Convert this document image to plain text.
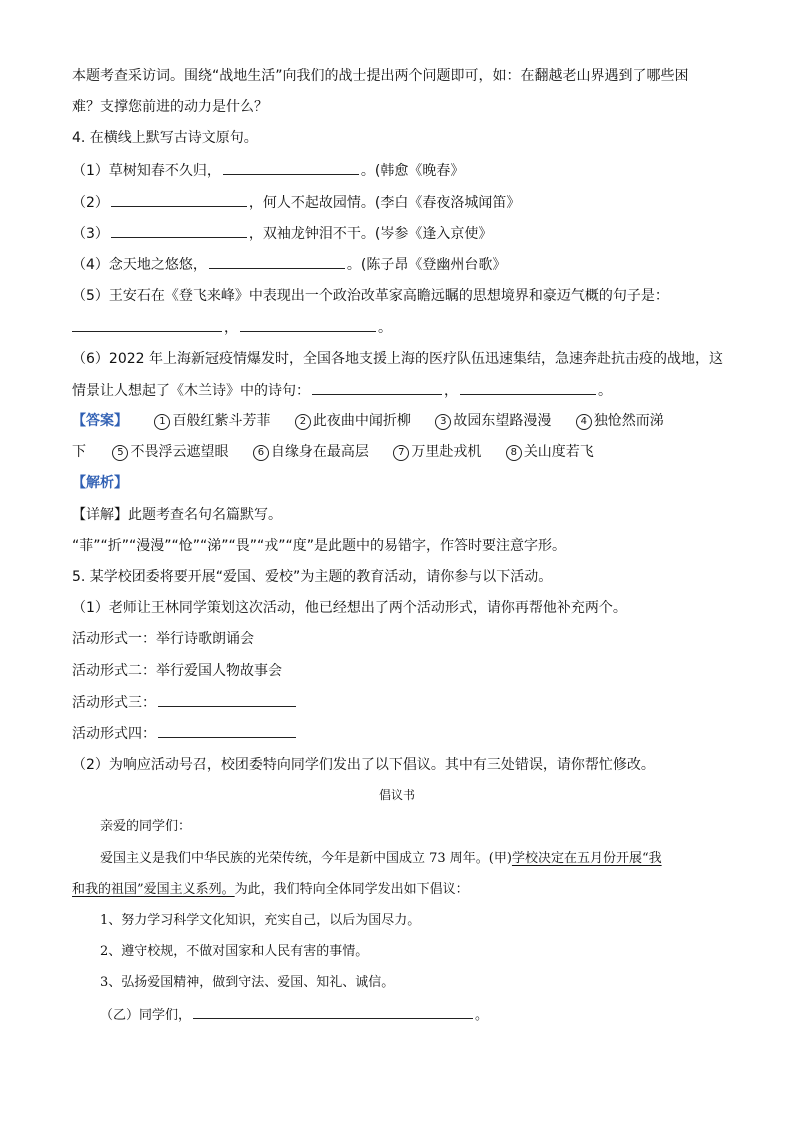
本题考查采访词。围绕“战地生活”向我们的战士提出两个问题即可，如：在翻越老山界遇到了哪些困
难？支撑您前进的动力是什么？
4. 在横线上默写古诗文原句。
（1）草树知春不久归，	。(韩愈《晚春》
（2）	，何人不起故园情。(李白《春夜洛城闻笛》
（3）	，双袖龙钟泪不干。(岑参《逢入京使》
（4）念天地之悠悠，	。(陈子昂《登幽州台歌》
（5）王安石在《登飞来峰》中表现出一个政治改革家高瞻远瞩的思想境界和豪迈气概的句子是：
，	。
（6）2022 年上海新冠疫情爆发时，全国各地支援上海的医疗队伍迅速集结，急速奔赴抗击疫的战地，这
情景让人想起了《木兰诗》中的诗句：	，	。
【答案】	1 百般红紫斗芳菲	2 此夜曲中闻折柳	3 故园东望路漫漫	4 独怆然而涕
下	5 不畏浮云遮望眼	6 自缘身在最高层	7 万里赴戎机	8 关山度若飞
【解析】
【详解】此题考查名句名篇默写。
“菲”“折”“漫漫”“怆”“涕”“畏”“戎”“度”是此题中的易错字，作答时要注意字形。
5. 某学校团委将要开展“爱国、爱校”为主题的教育活动，请你参与以下活动。
（1）老师让王林同学策划这次活动，他已经想出了两个活动形式，请你再帮他补充两个。
活动形式一：举行诗歌朗诵会
活动形式二：举行爱国人物故事会
活动形式三：
活动形式四：
（2）为响应活动号召，校团委特向同学们发出了以下倡议。其中有三处错误，请你帮忙修改。
倡议书
亲爱的同学们：
爱国主义是我们中华民族的光荣传统，今年是新中国成立 73 周年。(甲)学校决定在五月份开展“我
和我的祖国”爱国主义系列。为此，我们特向全体同学发出如下倡议：
1、努力学习科学文化知识，充实自己，以后为国尽力。
2、遵守校规，不做对国家和人民有害的事情。
3、弘扬爱国精神，做到守法、爱国、知礼、诚信。
（乙）同学们，	。
